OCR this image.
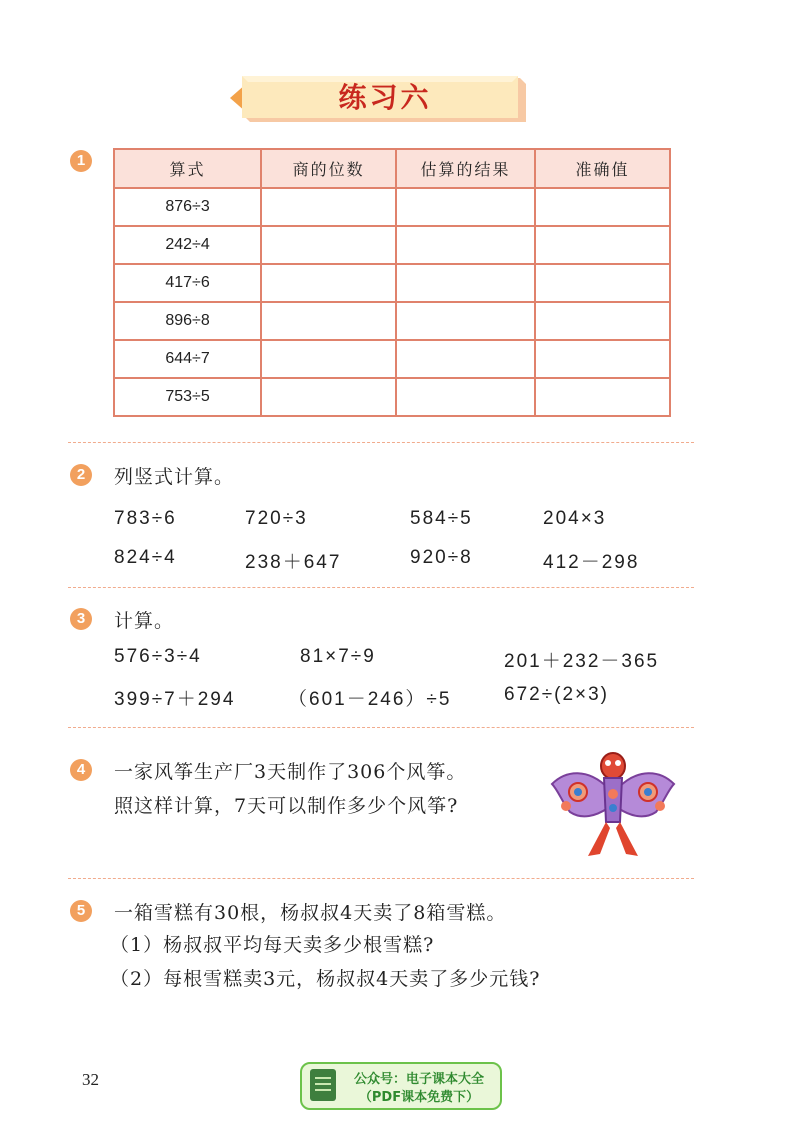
练习六
1	算式	商的位数	估算的结果	准确值
876÷3			
242÷4			
417÷6			
896÷8			
644÷7			
753÷5			
2	列竖式计算。
783÷6	720÷3	584÷5	204×3
824÷4	238＋647	920÷8	412－298
3	计算。
576÷3÷4	81×7÷9	201＋232－365
399÷7＋294	（601－246）÷5	672÷(2×3)
4	一家风筝生产厂3天制作了306个风筝。
照这样计算，7天可以制作多少个风筝?
5	一箱雪糕有30根，杨叔叔4天卖了8箱雪糕。
（1）杨叔叔平均每天卖多少根雪糕?
（2）每根雪糕卖3元，杨叔叔4天卖了多少元钱?
32	公众号：电子课本大全
（PDF课本免费下）
